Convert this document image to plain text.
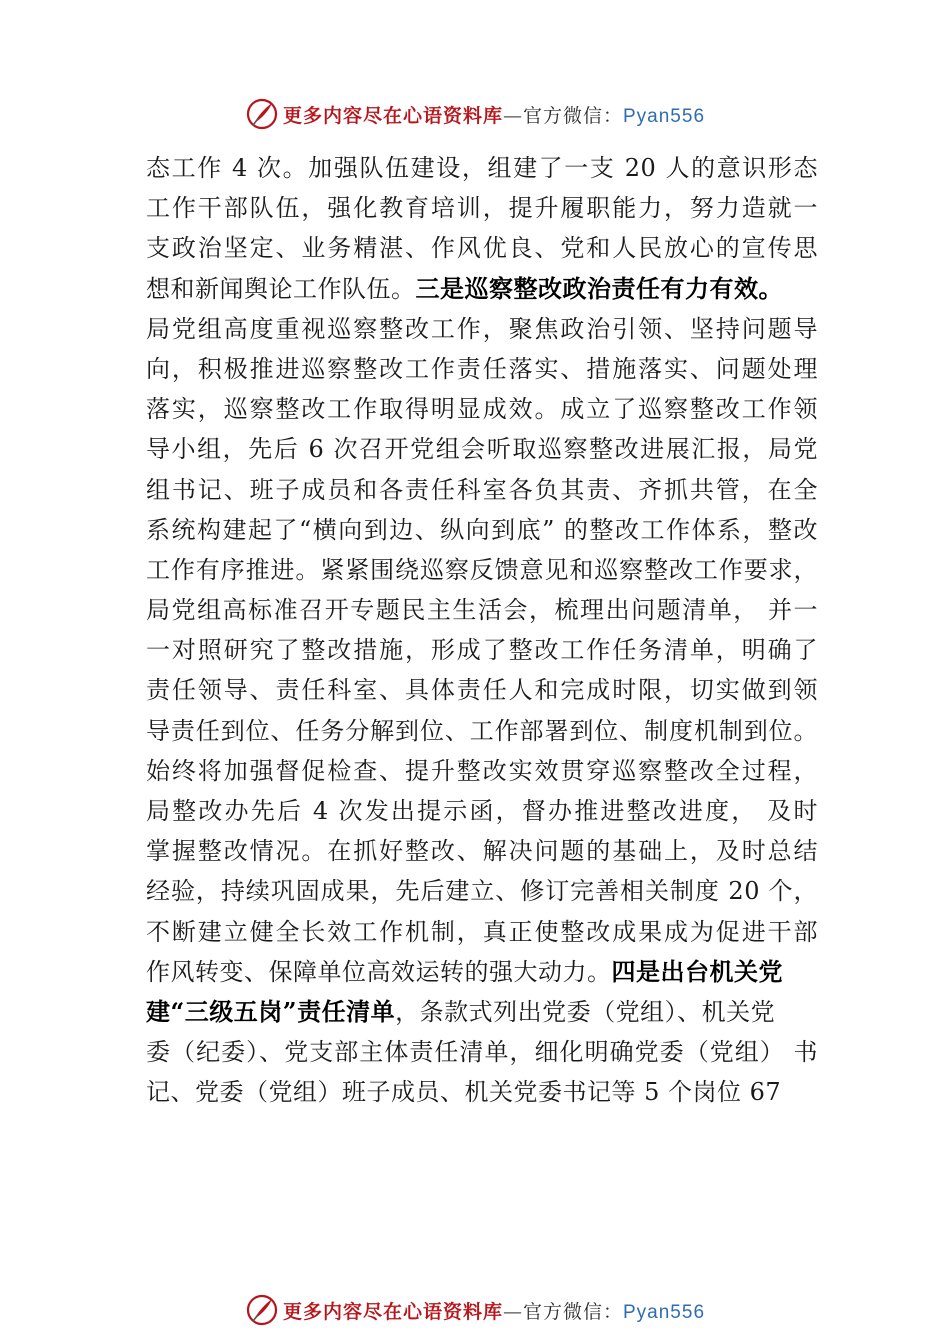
更多内容尽在心语资料库—官方微信：Pyan556
态工作 4 次。加强队伍建设，组建了一支 20 人的意识形态
工作干部队伍，强化教育培训，提升履职能力，努力造就一
支政治坚定、业务精湛、作风优良、党和人民放心的宣传思
想和新闻舆论工作队伍。三是巡察整改政治责任有力有效。
局党组高度重视巡察整改工作，聚焦政治引领、坚持问题导
向，积极推进巡察整改工作责任落实、措施落实、问题处理
落实，巡察整改工作取得明显成效。成立了巡察整改工作领
导小组，先后 6 次召开党组会听取巡察整改进展汇报，局党
组书记、班子成员和各责任科室各负其责、齐抓共管，在全
系统构建起了“横向到边、纵向到底” 的整改工作体系，整改
工作有序推进。紧紧围绕巡察反馈意见和巡察整改工作要求，
局党组高标准召开专题民主生活会，梳理出问题清单， 并一
一对照研究了整改措施，形成了整改工作任务清单，明确了
责任领导、责任科室、具体责任人和完成时限，切实做到领
导责任到位、任务分解到位、工作部署到位、制度机制到位。
始终将加强督促检查、提升整改实效贯穿巡察整改全过程，
局整改办先后 4 次发出提示函，督办推进整改进度， 及时
掌握整改情况。在抓好整改、解决问题的基础上，及时总结
经验，持续巩固成果，先后建立、修订完善相关制度 20 个，
不断建立健全长效工作机制，真正使整改成果成为促进干部
作风转变、保障单位高效运转的强大动力。四是出台机关党
建“三级五岗”责任清单，条款式列出党委（党组）、机关党
委（纪委）、党支部主体责任清单，细化明确党委（党组） 书
记、党委（党组）班子成员、机关党委书记等 5 个岗位 67
更多内容尽在心语资料库—官方微信：Pyan556
